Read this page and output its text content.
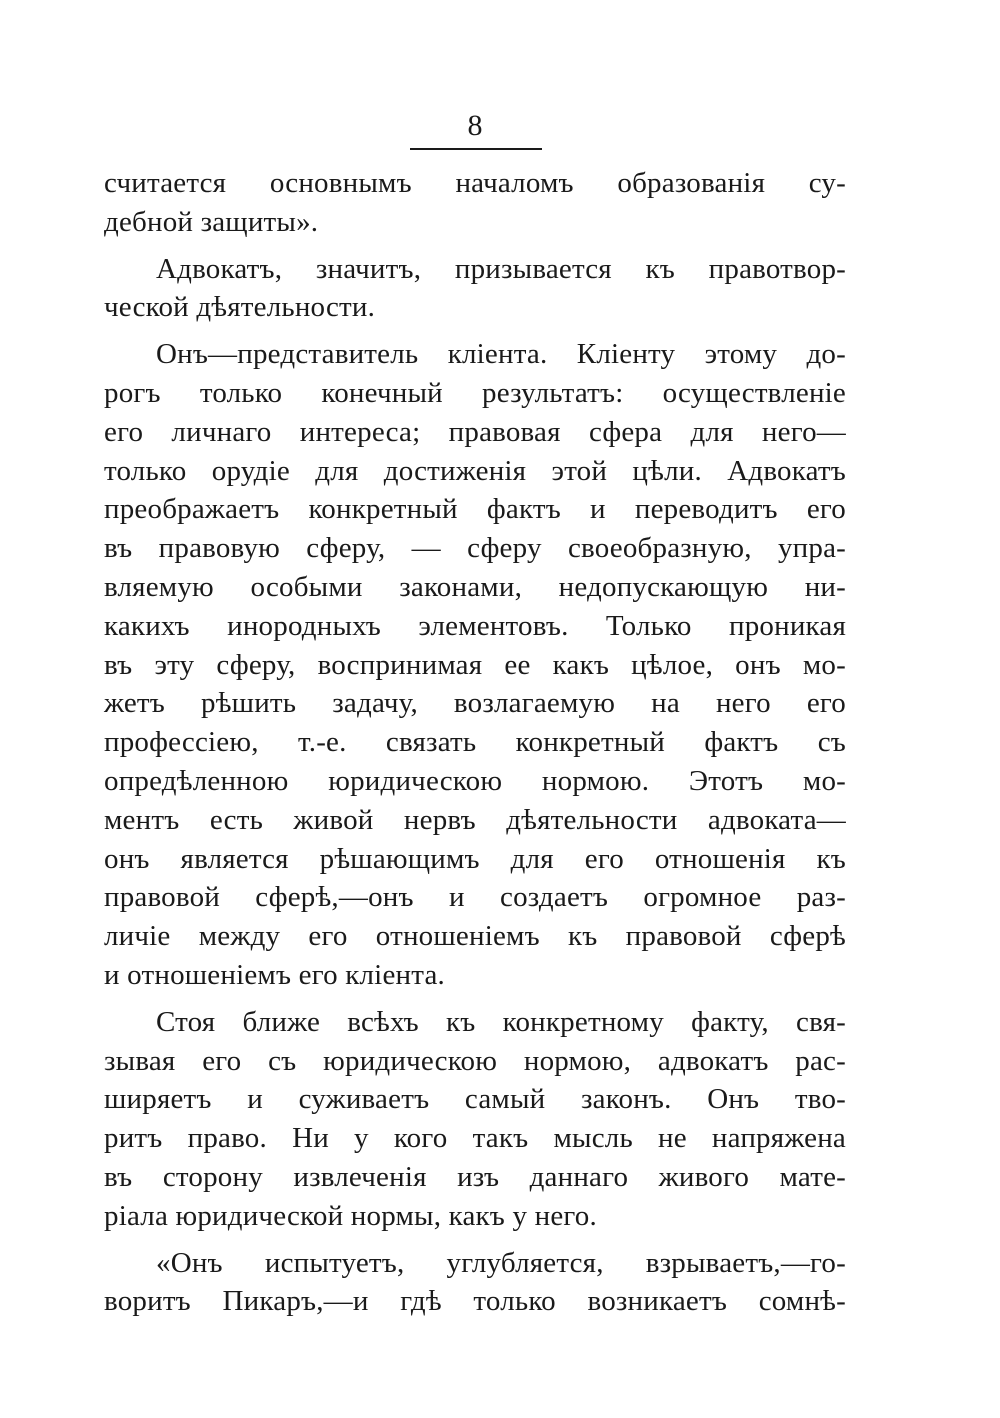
8
считается основнымъ началомъ образованія су-
дебной защиты».
Адвокатъ, значитъ, призывается къ правотвор-
ческой дѣятельности.
Онъ—представитель кліента. Кліенту этому до-
рогъ только конечный результатъ: осуществленіе
его личнаго интереса; правовая сфера для него—
только орудіе для достиженія этой цѣли. Адвокатъ
преображаетъ конкретный фактъ и переводитъ его
въ правовую сферу, — сферу своеобразную, упра-
вляемую особыми законами, недопускающую ни-
какихъ инородныхъ элементовъ. Только проникая
въ эту сферу, воспринимая ее какъ цѣлое, онъ мо-
жетъ рѣшить задачу, возлагаемую на него его
профессіею, т.-е. связать конкретный фактъ съ
опредѣленною юридическою нормою. Этотъ мо-
ментъ есть живой нервъ дѣятельности адвоката—
онъ является рѣшающимъ для его отношенія къ
правовой сферѣ,—онъ и создаетъ огромное раз-
личіе между его отношеніемъ къ правовой сферѣ
и отношеніемъ его кліента.
Стоя ближе всѣхъ къ конкретному факту, свя-
зывая его съ юридическою нормою, адвокатъ рас-
ширяетъ и суживаетъ самый законъ. Онъ тво-
ритъ право. Ни у кого такъ мысль не напряжена
въ сторону извлеченія изъ даннаго живого мате-
ріала юридической нормы, какъ у него.
«Онъ испытуетъ, углубляется, взрываетъ,—го-
воритъ Пикаръ,—и гдѣ только возникаетъ сомнѣ-
